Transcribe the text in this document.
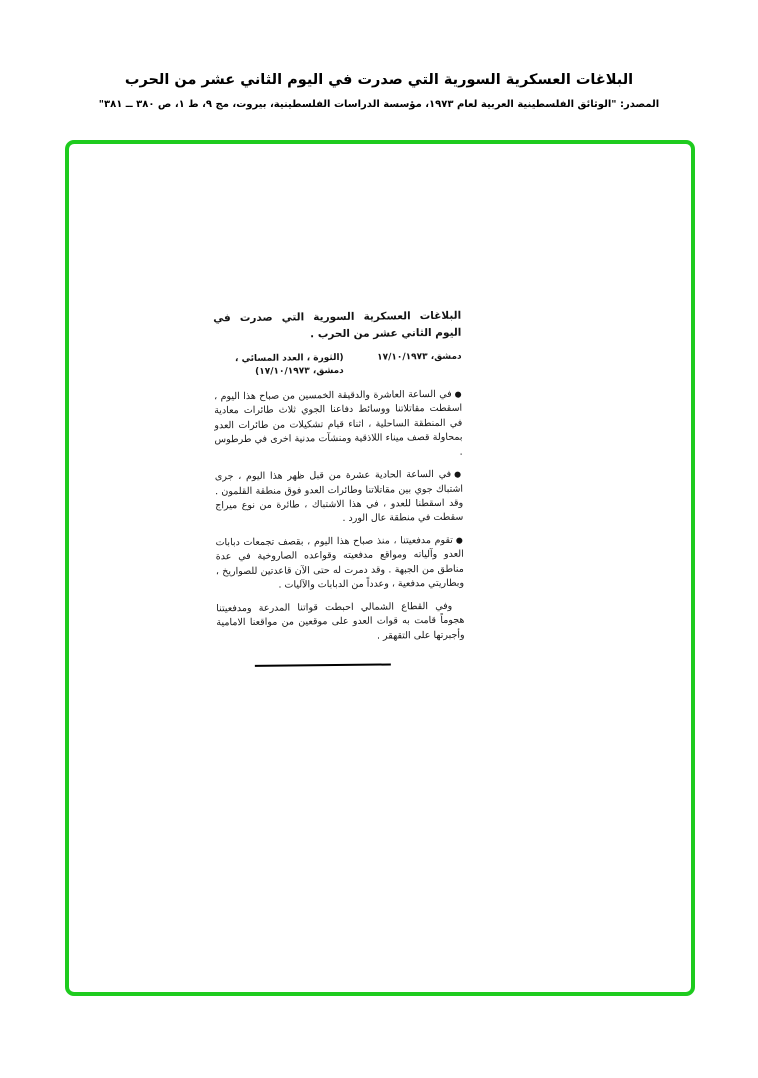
البلاغات العسكرية السورية التي صدرت في اليوم الثاني عشر من الحرب
المصدر: "الوثائق الفلسطينية العربية لعام ١٩٧٣، مؤسسة الدراسات الفلسطينية، بيروت، مج ٩، ط ١، ص ٣٨٠ ــ ٣٨١"
البلاغات العسكرية السورية التي صدرت في اليوم الثاني عشر من الحرب .
دمشق، ١٧/١٠/١٩٧٣
(الثورة ، العدد المسائي ، دمشق، ١٧/١٠/١٩٧٣)

●في الساعة العاشرة والدقيقة الخمسين من صباح هذا اليوم ، اسقطت مقاتلاتنا ووسائط دفاعنا الجوي ثلاث طائرات معادية في المنطقة الساحلية ، اثناء قيام تشكيلات من طائرات العدو بمحاولة قصف ميناء اللاذقية ومنشآت مدنية اخرى في طرطوس .

●في الساعة الحادية عشرة من قبل ظهر هذا اليوم ، جرى اشتباك جوي بين مقاتلاتنا وطائرات العدو فوق منطقة القلمون . وقد اسقطنا للعدو ، في هذا الاشتباك ، طائرة من نوع ميراج سقطت في منطقة عال الورد .

●تقوم مدفعيتنا ، منذ صباح هذا اليوم ، بقصف تجمعات دبابات العدو وآلياته ومواقع مدفعيته وقواعده الصاروخية في عدة مناطق من الجبهة . وقد دمرت له حتى الآن قاعدتين للصواريخ ، وبطاريتي مدفعية ، وعدداً من الدبابات والآليات .

وفي القطاع الشمالي احبطت قواتنا المدرعة ومدفعيتنا هجوماً قامت به قوات العدو على موقعين من مواقعنا الامامية وأجبرتها على التقهقر .
